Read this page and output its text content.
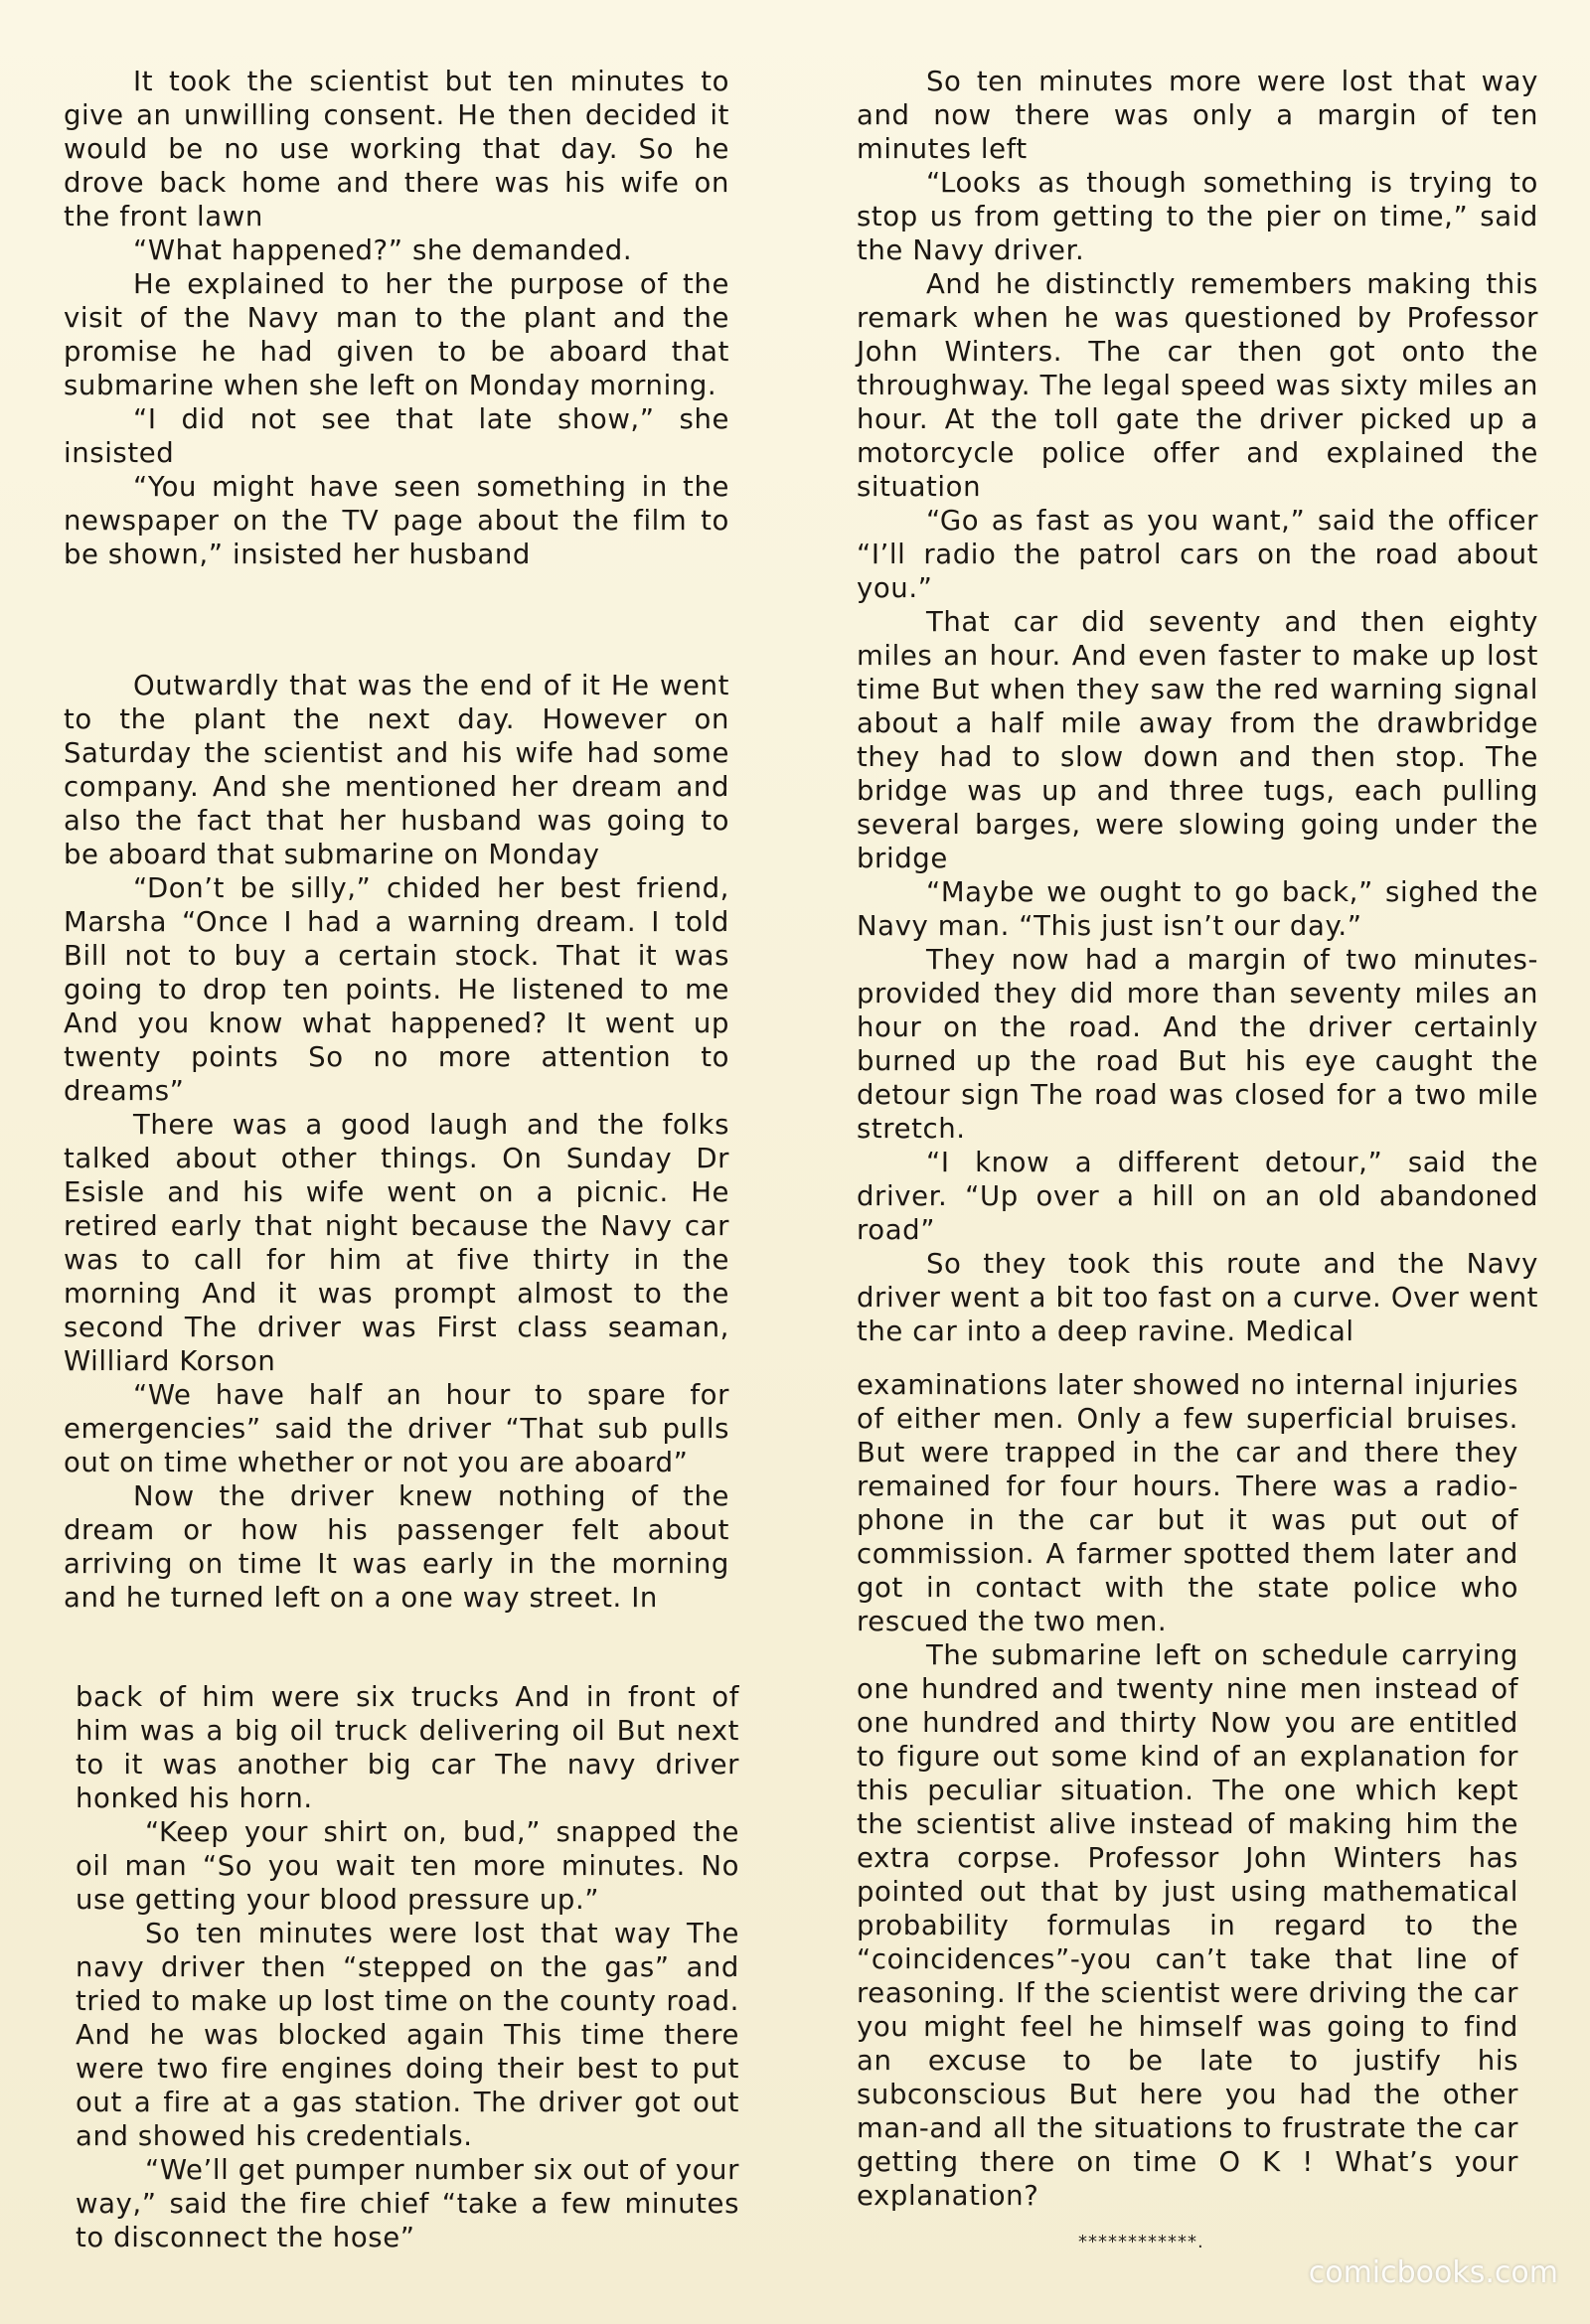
It took the scientist but ten minutes to give an unwilling consent. He then decided it would be no use working that day. So he drove back home and there was his wife on the front lawn

“What happened?” she demanded.

He explained to her the purpose of the visit of the Navy man to the plant and the promise he had given to be aboard that submarine when she left on Monday morning.

“I did not see that late show,” she insisted

“You might have seen something in the newspaper on the TV page about the film to be shown,” insisted her husband

Outwardly that was the end of it He went to the plant the next day. However on Saturday the scientist and his wife had some company. And she mentioned her dream and also the fact that her husband was going to be aboard that submarine on Monday

“Don’t be silly,” chided her best friend, Marsha “Once I had a warning dream. I told Bill not to buy a certain stock. That it was going to drop ten points. He listened to me And you know what happened? It went up twenty points So no more attention to dreams”

There was a good laugh and the folks talked about other things. On Sunday Dr Esisle and his wife went on a picnic. He retired early that night because the Navy car was to call for him at five thirty in the morning And it was prompt almost to the second The driver was First class seaman, Williard Korson

“We have half an hour to spare for emergencies” said the driver “That sub pulls out on time whether or not you are aboard”

Now the driver knew nothing of the dream or how his passenger felt about arriving on time It was early in the morning and he turned left on a one way street. In

back of him were six trucks And in front of him was a big oil truck delivering oil But next to it was another big car The navy driver honked his horn.

“Keep your shirt on, bud,” snapped the oil man “So you wait ten more minutes. No use getting your blood pressure up.”

So ten minutes were lost that way The navy driver then “stepped on the gas” and tried to make up lost time on the county road. And he was blocked again This time there were two fire engines doing their best to put out a fire at a gas station. The driver got out and showed his credentials.

“We’ll get pumper number six out of your way,” said the fire chief “take a few minutes to disconnect the hose”

So ten minutes more were lost that way and now there was only a margin of ten minutes left

“Looks as though something is trying to stop us from getting to the pier on time,” said the Navy driver.

And he distinctly remembers making this remark when he was questioned by Professor John Winters. The car then got onto the throughway. The legal speed was sixty miles an hour. At the toll gate the driver picked up a motorcycle police offer and explained the situation

“Go as fast as you want,” said the officer “I’ll radio the patrol cars on the road about you.”

That car did seventy and then eighty miles an hour. And even faster to make up lost time But when they saw the red warning signal about a half mile away from the drawbridge they had to slow down and then stop. The bridge was up and three tugs, each pulling several barges, were slowing going under the bridge

“Maybe we ought to go back,” sighed the Navy man. “This just isn’t our day.”

They now had a margin of two minutes-provided they did more than seventy miles an hour on the road. And the driver certainly burned up the road But his eye caught the detour sign The road was closed for a two mile stretch.

“I know a different detour,” said the driver. “Up over a hill on an old abandoned road”

So they took this route and the Navy driver went a bit too fast on a curve. Over went the car into a deep ravine. Medical

examinations later showed no internal injuries of either men. Only a few superficial bruises. But were trapped in the car and there they remained for four hours. There was a radio-phone in the car but it was put out of commission. A farmer spotted them later and got in contact with the state police who rescued the two men.

The submarine left on schedule carrying one hundred and twenty nine men instead of one hundred and thirty Now you are entitled to figure out some kind of an explanation for this peculiar situation. The one which kept the scientist alive instead of making him the extra corpse. Professor John Winters has pointed out that by just using mathematical probability formulas in regard to the “coincidences”-you can’t take that line of reasoning. If the scientist were driving the car you might feel he himself was going to find an excuse to be late to justify his subconscious But here you had the other man-and all the situations to frustrate the car getting there on time O K ! What’s your explanation?

************.
comicbooks.com
